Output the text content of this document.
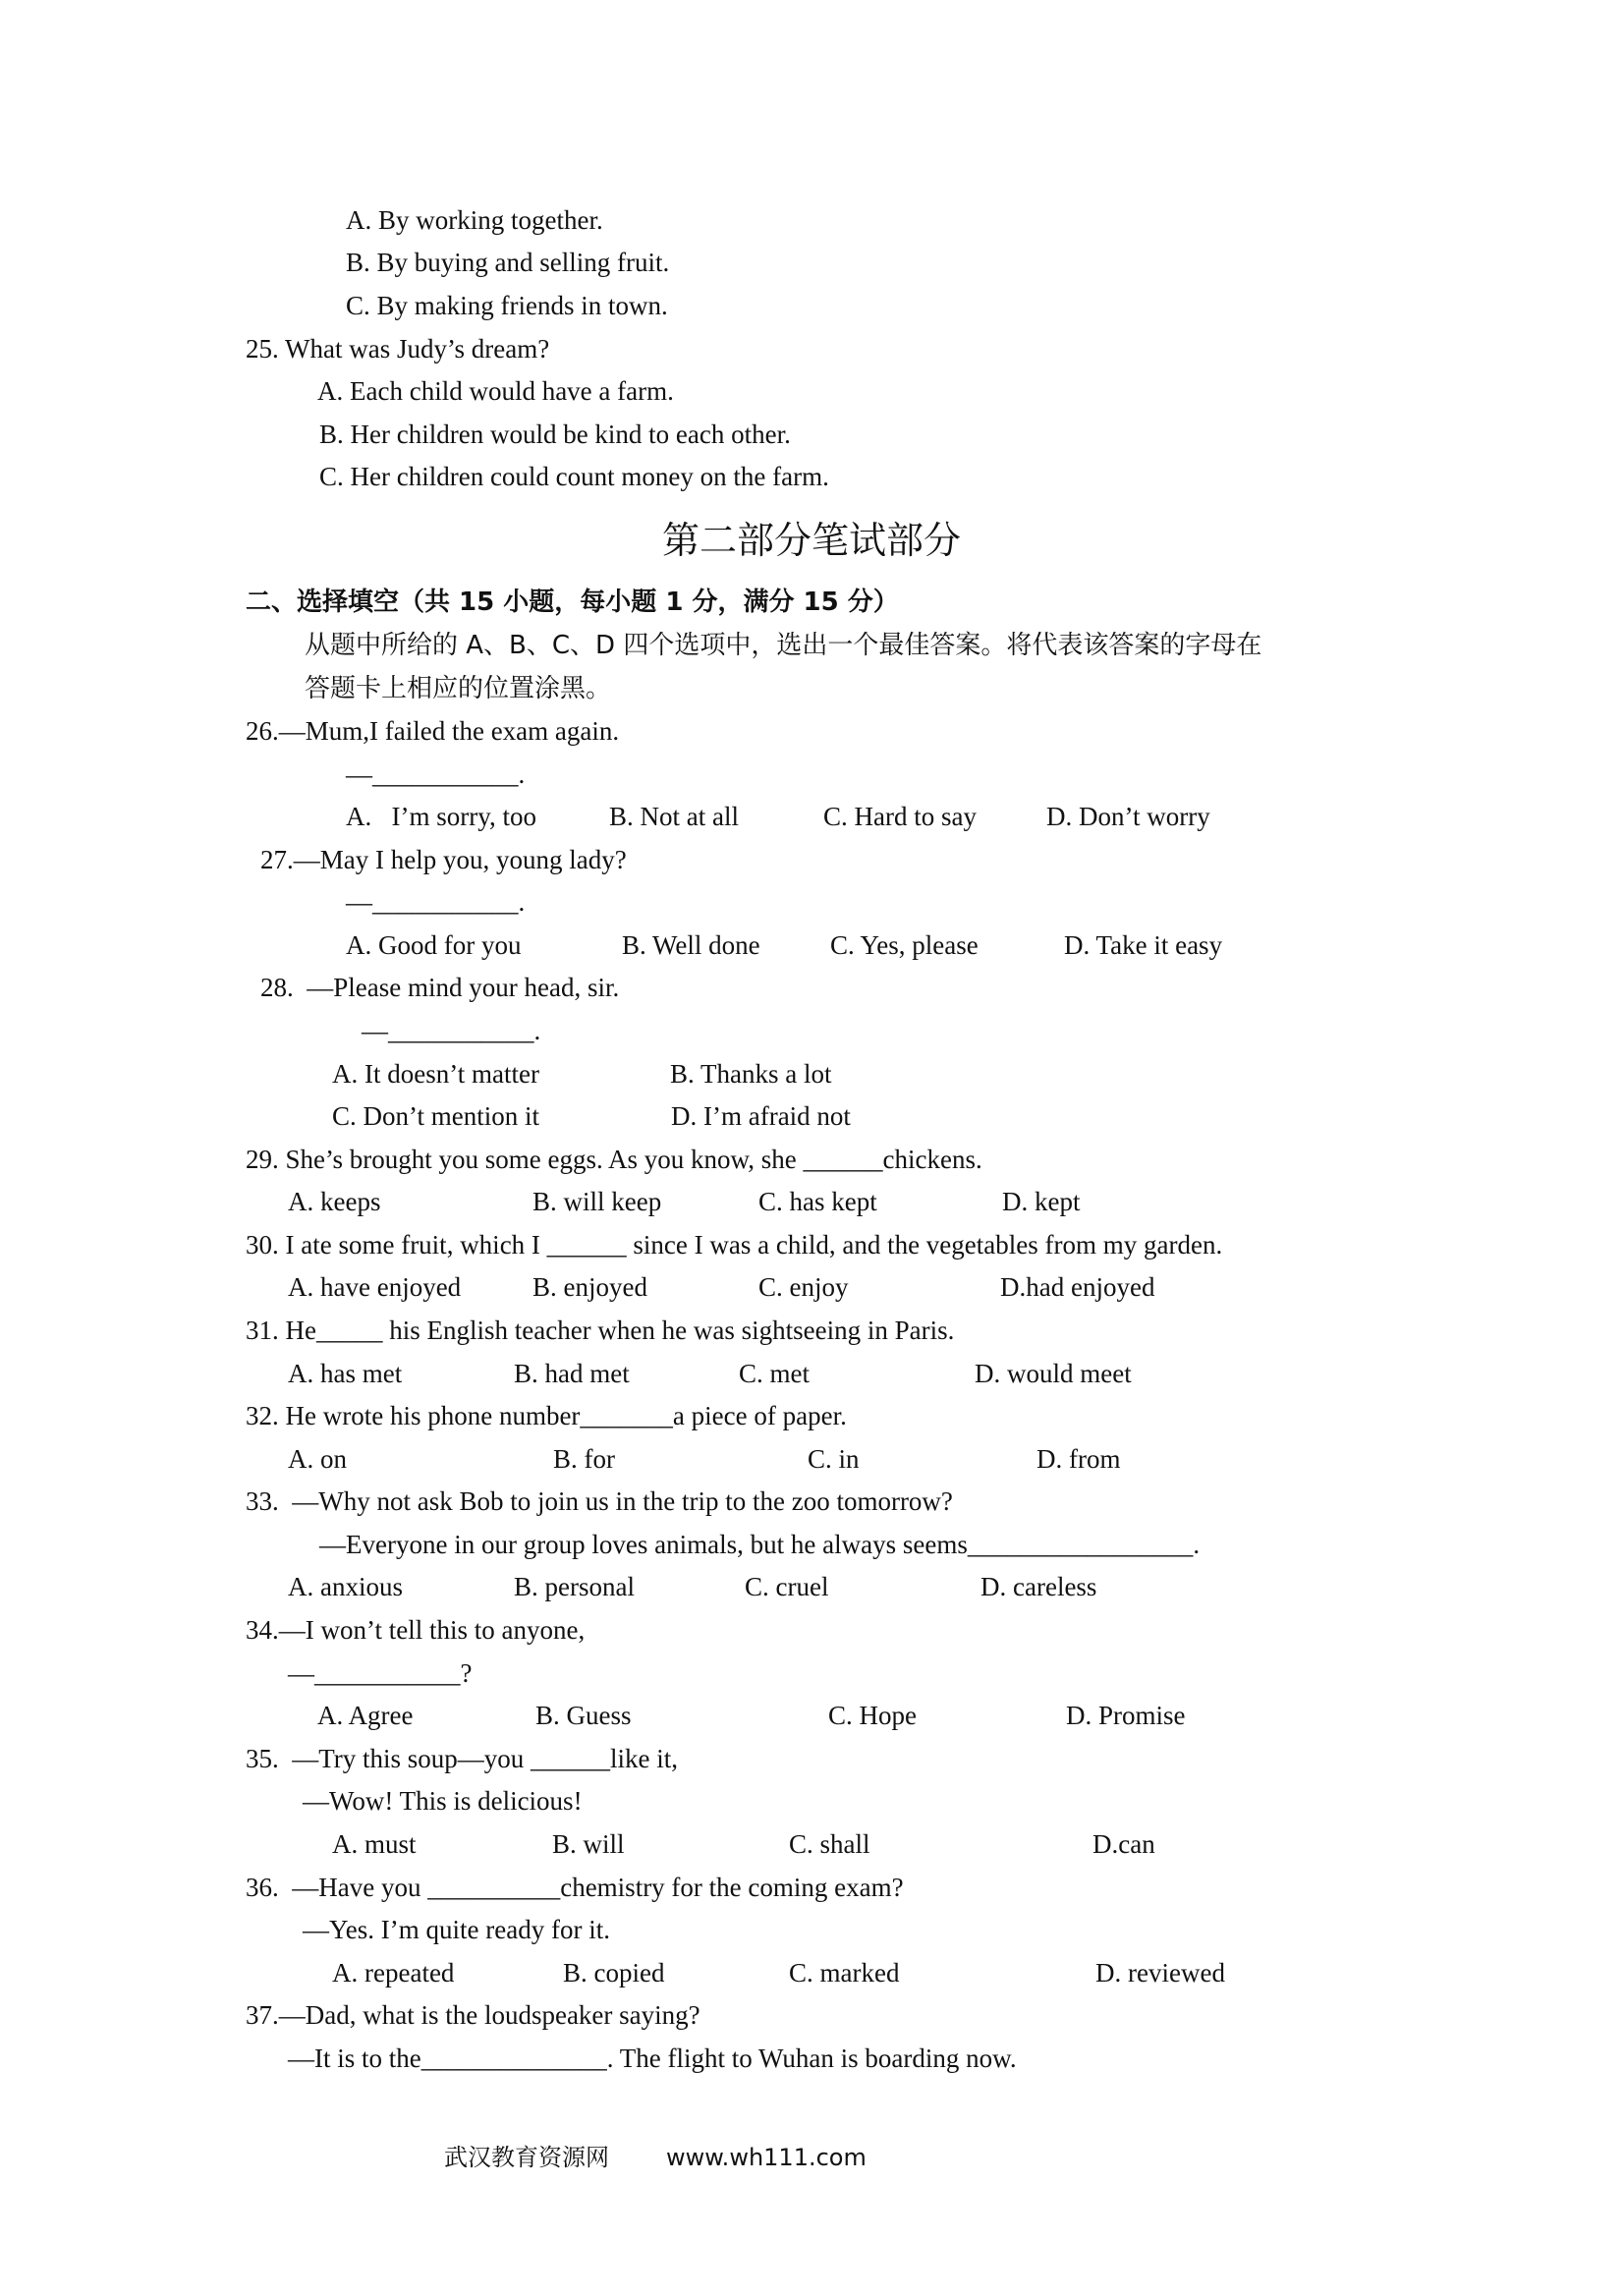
A. By working together.
B. By buying and selling fruit.
C. By making friends in town.
25. What was Judy’s dream?
A. Each child would have a farm.
B. Her children would be kind to each other.
C. Her children could count money on the farm.
第二部分笔试部分
二、选择填空（共 15 小题，每小题 1 分，满分 15 分）
从题中所给的 A、B、C、D 四个选项中，选出一个最佳答案。将代表该答案的字母在
答题卡上相应的位置涂黑。
26.—Mum,I failed the exam again.
—___________.
A.   I’m sorry, too	B. Not at all	C. Hard to say	D. Don’t worry
27.—May I help you, young lady?
—___________.
A. Good for you	B. Well done	C. Yes, please	D. Take it easy
28.  —Please mind your head, sir.
—___________.
A. It doesn’t matter	B. Thanks a lot
C. Don’t mention it	D. I’m afraid not
29. She’s brought you some eggs. As you know, she ______chickens.
A. keeps	B. will keep	C. has kept	D. kept
30. I ate some fruit, which I ______ since I was a child, and the vegetables from my garden.
A. have enjoyed	B. enjoyed	C. enjoy	D.had enjoyed
31. He_____ his English teacher when he was sightseeing in Paris.
A. has met	B. had met	C. met	D. would meet
32. He wrote his phone number_______a piece of paper.
A. on	B. for	C. in	D. from
33.  —Why not ask Bob to join us in the trip to the zoo tomorrow?
—Everyone in our group loves animals, but he always seems_________________.
A. anxious	B. personal	C. cruel	D. careless
34.—I won’t tell this to anyone,
—___________?
A. Agree	B. Guess	C. Hope	D. Promise
35.  —Try this soup—you ______like it,
—Wow! This is delicious!
A. must	B. will	C. shall	D.can
36.  —Have you __________chemistry for the coming exam?
—Yes. I’m quite ready for it.
A. repeated	B. copied	C. marked	D. reviewed
37.—Dad, what is the loudspeaker saying?
—It is to the______________. The flight to Wuhan is boarding now.
武汉教育资源网 www.wh111.com
